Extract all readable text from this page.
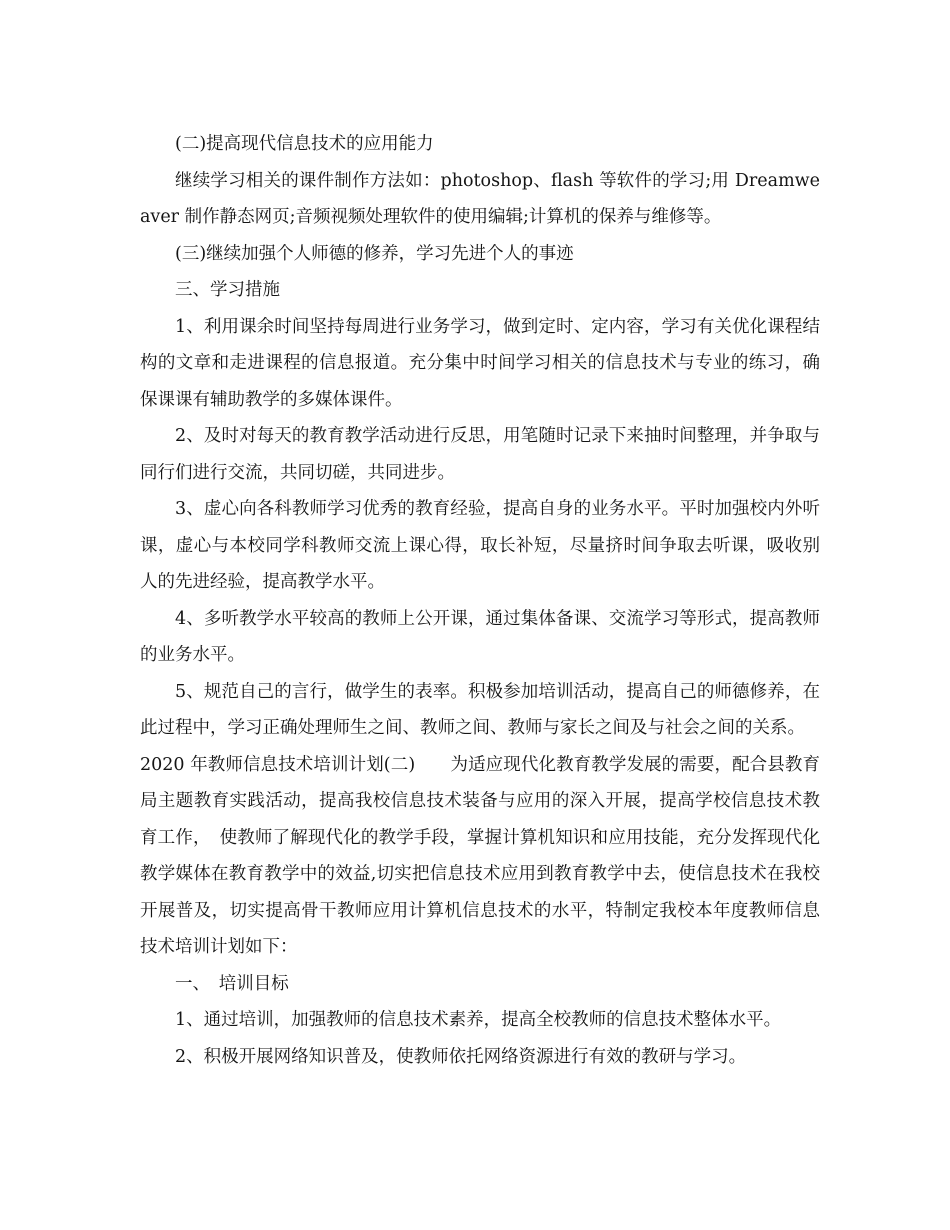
(二)提高现代信息技术的应用能力

继续学习相关的课件制作方法如：photoshop、flash 等软件的学习;用 Dreamweaver 制作静态网页;音频视频处理软件的使用编辑;计算机的保养与维修等。

(三)继续加强个人师德的修养，学习先进个人的事迹

三、学习措施

1、利用课余时间坚持每周进行业务学习，做到定时、定内容，学习有关优化课程结构的文章和走进课程的信息报道。充分集中时间学习相关的信息技术与专业的练习，确保课课有辅助教学的多媒体课件。

2、及时对每天的教育教学活动进行反思，用笔随时记录下来抽时间整理，并争取与同行们进行交流，共同切磋，共同进步。

3、虚心向各科教师学习优秀的教育经验，提高自身的业务水平。平时加强校内外听课，虚心与本校同学科教师交流上课心得，取长补短，尽量挤时间争取去听课，吸收别人的先进经验，提高教学水平。

4、多听教学水平较高的教师上公开课，通过集体备课、交流学习等形式，提高教师的业务水平。

5、规范自己的言行，做学生的表率。积极参加培训活动，提高自己的师德修养，在此过程中，学习正确处理师生之间、教师之间、教师与家长之间及与社会之间的关系。

2020 年教师信息技术培训计划(二)　　为适应现代化教育教学发展的需要，配合县教育局主题教育实践活动，提高我校信息技术装备与应用的深入开展，提高学校信息技术教育工作，　使教师了解现代化的教学手段，掌握计算机知识和应用技能，充分发挥现代化教学媒体在教育教学中的效益,切实把信息技术应用到教育教学中去，使信息技术在我校开展普及，切实提高骨干教师应用计算机信息技术的水平，特制定我校本年度教师信息技术培训计划如下：

一、　培训目标

1、通过培训，加强教师的信息技术素养，提高全校教师的信息技术整体水平。

2、积极开展网络知识普及，使教师依托网络资源进行有效的教研与学习。
